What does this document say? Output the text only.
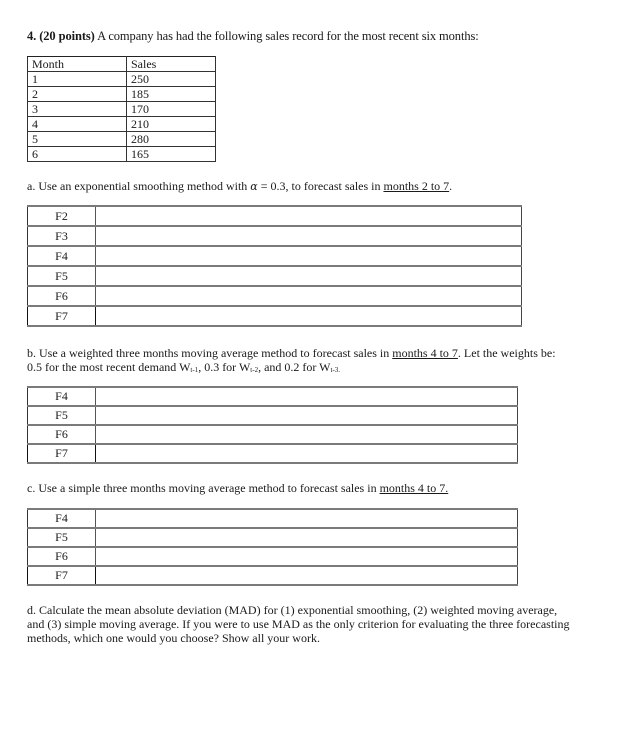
4. (20 points) A company has had the following sales record for the most recent six months:
Month	Sales
1	250
2	185
3	170
4	210
5	280
6	165
a. Use an exponential smoothing method with α = 0.3, to forecast sales in months 2 to 7.
F2	
F3	
F4	
F5	
F6	
F7	
b. Use a weighted three months moving average method to forecast sales in months 4 to 7. Let the weights be:
0.5 for the most recent demand Wt-1, 0.3 for Wt-2, and 0.2 for Wt-3.
F4	
F5	
F6	
F7	
c. Use a simple three months moving average method to forecast sales in months 4 to 7.
F4	
F5	
F6	
F7	
d. Calculate the mean absolute deviation (MAD) for (1) exponential smoothing, (2) weighted moving average,
and (3) simple moving average. If you were to use MAD as the only criterion for evaluating the three forecasting
methods, which one would you choose? Show all your work.
